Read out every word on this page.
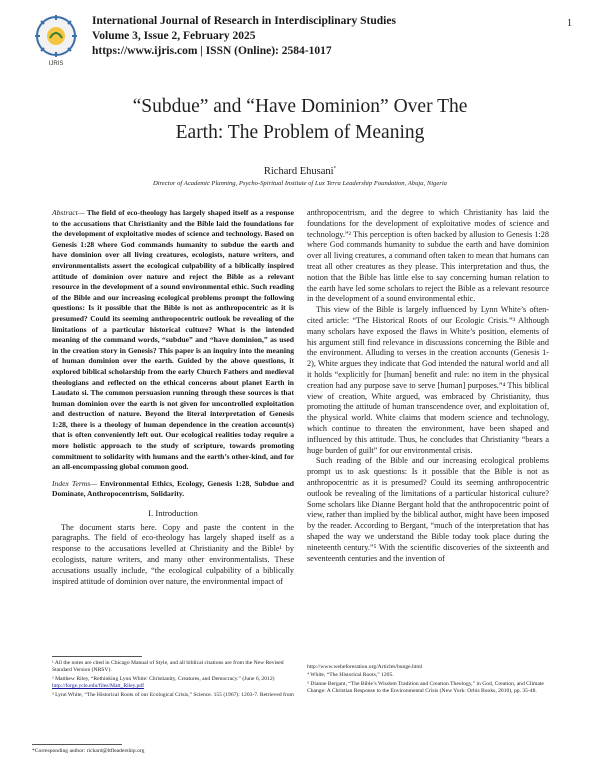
IJRIS
International Journal of Research in Interdisciplinary Studies
Volume 3, Issue 2, February 2025
https://www.ijris.com | ISSN (Online): 2584-1017
1
“Subdue” and “Have Dominion” Over The
Earth: The Problem of Meaning
Richard Ehusani*
Director of Academic Planning, Psycho-Spiritual Institute of Lux Terra Leadership Foundation, Abuja, Nigeria
Abstract— The field of eco-theology has largely shaped itself as a response to the accusations that Christianity and the Bible laid the foundations for the development of exploitative modes of science and technology. Based on Genesis 1:28 where God commands humanity to subdue the earth and have dominion over all living creatures, ecologists, nature writers, and environmentalists assert the ecological culpability of a biblically inspired attitude of dominion over nature and reject the Bible as a relevant resource in the development of a sound environmental ethic. Such reading of the Bible and our increasing ecological problems prompt the following questions: Is it possible that the Bible is not as anthropocentric as it is presumed? Could its seeming anthropocentric outlook be revealing of the limitations of a particular historical culture? What is the intended meaning of the command words, “subdue” and “have dominion,” as used in the creation story in Genesis? This paper is an inquiry into the meaning of human dominion over the earth. Guided by the above questions, it explored biblical scholarship from the early Church Fathers and medieval theologians and reflected on the ethical concerns about planet Earth in Laudato si. The common persuasion running through these sources is that human dominion over the earth is not given for uncontrolled exploitation and destruction of nature. Beyond the literal interpretation of Genesis 1:28, there is a theology of human dependence in the creation account(s) that is often conveniently left out. Our ecological realities today require a more holistic approach to the study of scripture, towards promoting commitment to solidarity with humans and the earth’s other-kind, and for an all-encompassing global common good.
Index Terms— Environmental Ethics, Ecology, Genesis 1:28, Subdue and Dominate, Anthropocentrism, Solidarity.
I. Introduction

The document starts here. Copy and paste the content in the paragraphs. The field of eco-theology has largely shaped itself as a response to the accusations levelled at Christianity and the Bible¹ by ecologists, nature writers, and many other environmentalists. These accusations usually include, “the ecological culpability of a biblically inspired attitude of dominion over nature, the environmental impact of

anthropocentrism, and the degree to which Christianity has laid the foundations for the development of exploitative modes of science and technology.”² This perception is often backed by allusion to Genesis 1:28 where God commands humanity to subdue the earth and have dominion over all living creatures, a command often taken to mean that humans can treat all other creatures as they please. This interpretation and thus, the notion that the Bible has little else to say concerning human relation to the earth have led some scholars to reject the Bible as a relevant resource in the development of a sound environmental ethic.

This view of the Bible is largely influenced by Lynn White’s often-cited article: “The Historical Roots of our Ecologic Crisis.”³ Although many scholars have exposed the flaws in White’s position, elements of his argument still find relevance in discussions concerning the Bible and the environment. Alluding to verses in the creation accounts (Genesis 1-2), White argues they indicate that God intended the natural world and all it holds “explicitly for [human] benefit and rule: no item in the physical creation had any purpose save to serve [human] purposes.”⁴ This biblical view of creation, White argued, was embraced by Christianity, thus promoting the attitude of human transcendence over, and exploitation of, the physical world. White claims that modern science and technology, which continue to threaten the environment, have been shaped and influenced by this attitude. Thus, he concludes that Christianity “bears a huge burden of guilt” for our environmental crisis.

Such reading of the Bible and our increasing ecological problems prompt us to ask questions: Is it possible that the Bible is not as anthropocentric as it is presumed? Could its seeming anthropocentric outlook be revealing of the limitations of a particular historical culture? Some scholars like Dianne Bergant hold that the anthropocentric point of view, rather than implied by the biblical author, might have been imposed by the reader. According to Bergant, “much of the interpretation that has shaped the way we understand the Bible today took place during the nineteenth century.”⁵ With the scientific discoveries of the sixteenth and seventeenth centuries and the invention of

¹ All the notes are cited in Chicago Manual of Style, and all biblical citations are from the New Revised Standard Version (NRSV).
² Matthew Riley, “Rethinking Lynn White: Christianity, Creatures, and Democracy.” (June 6, 2012) http://forge.ycle.edu/files/Matt_Riley.pdf
³ Lynn White, “The Historical Roots of our Ecological Crisis,” Science. 155 (1967): 1203-7. Retrieved from
http://www.webeforeration.org/Articles/bunge.html
⁴ White, “The Historical Roots,” 1205.
⁵ Dianne Bergant, “The Bible’s Wisdom Tradition and Creation Theology,” in God, Creation, and Climate Change: A Christian Response to the Environmental Crisis (New York: Orbis Books, 2010), pp. 35-48.
*Corresponding author: richard@ltfleadership.org
